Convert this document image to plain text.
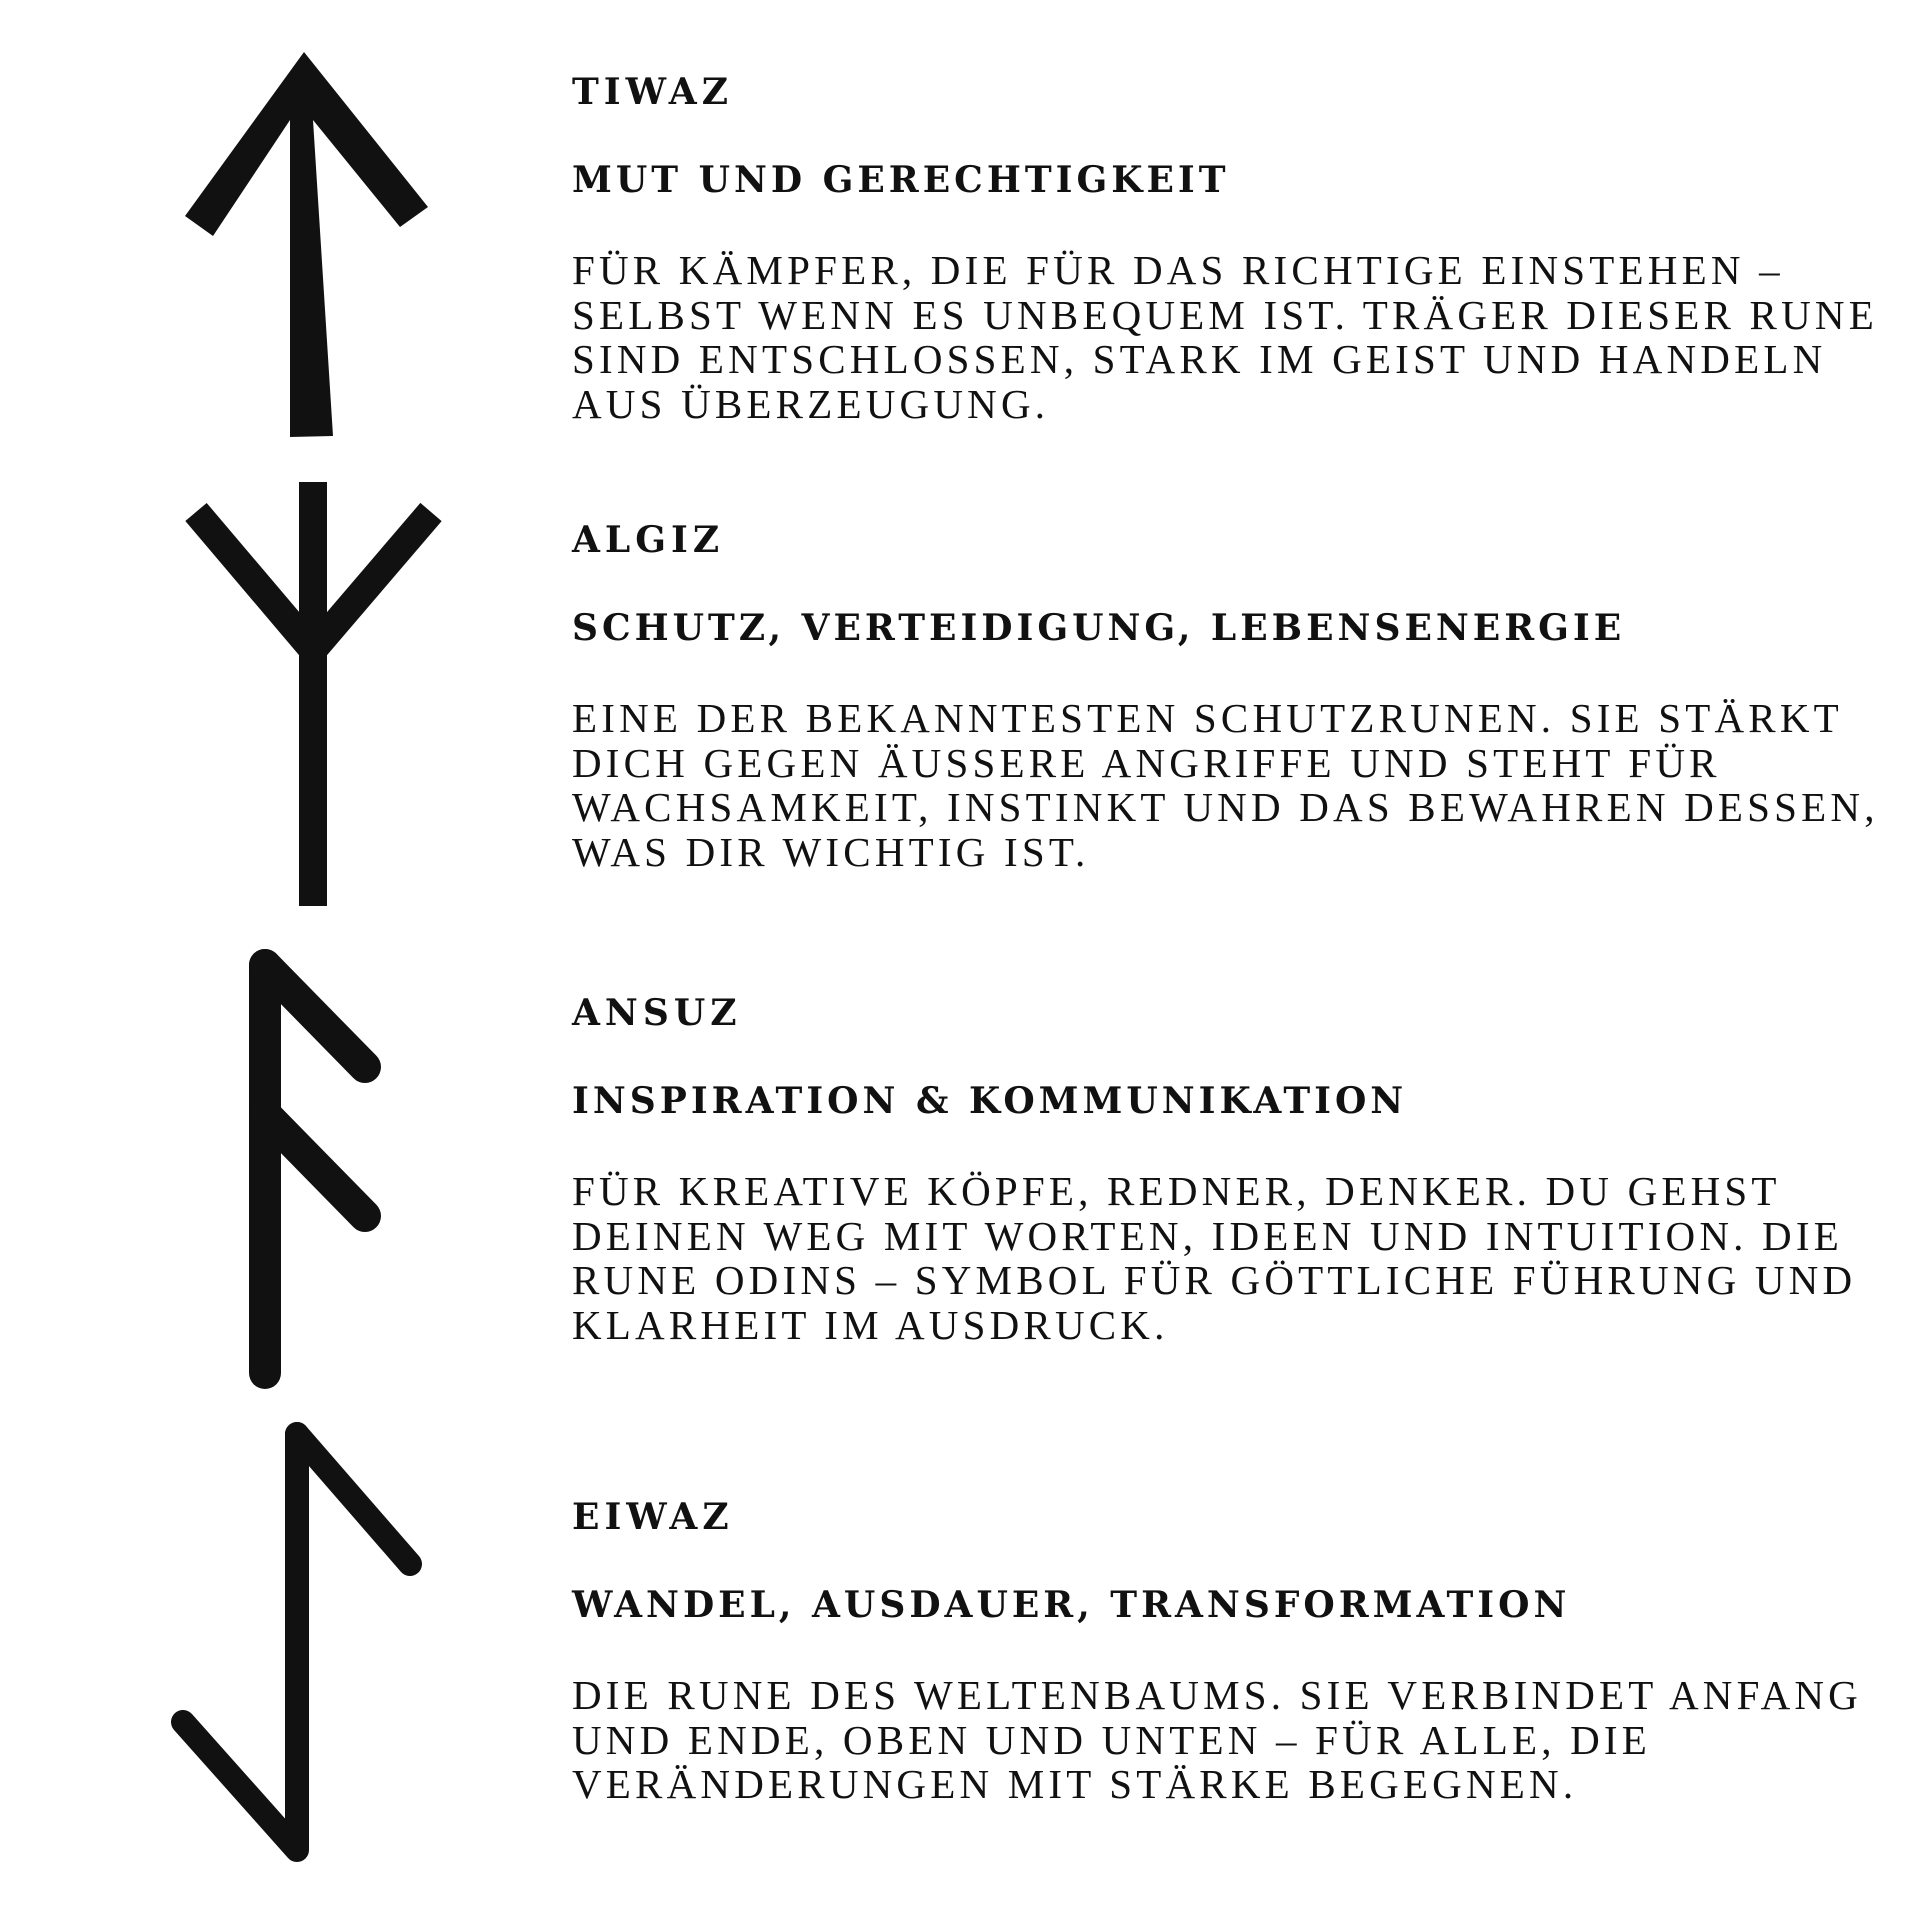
TIWAZ
MUT UND GERECHTIGKEIT

FÜR KÄMPFER, DIE FÜR DAS RICHTIGE EINSTEHEN –
SELBST WENN ES UNBEQUEM IST. TRÄGER DIESER RUNE
SIND ENTSCHLOSSEN, STARK IM GEIST UND HANDELN
AUS ÜBERZEUGUNG.

ALGIZ
SCHUTZ, VERTEIDIGUNG, LEBENSENERGIE

EINE DER BEKANNTESTEN SCHUTZRUNEN. SIE STÄRKT
DICH GEGEN ÄUSSERE ANGRIFFE UND STEHT FÜR
WACHSAMKEIT, INSTINKT UND DAS BEWAHREN DESSEN,
WAS DIR WICHTIG IST.

ANSUZ
INSPIRATION & KOMMUNIKATION

FÜR KREATIVE KÖPFE, REDNER, DENKER. DU GEHST
DEINEN WEG MIT WORTEN, IDEEN UND INTUITION. DIE
RUNE ODINS – SYMBOL FÜR GÖTTLICHE FÜHRUNG UND
KLARHEIT IM AUSDRUCK.

EIWAZ
WANDEL, AUSDAUER, TRANSFORMATION

DIE RUNE DES WELTENBAUMS. SIE VERBINDET ANFANG
UND ENDE, OBEN UND UNTEN – FÜR ALLE, DIE
VERÄNDERUNGEN MIT STÄRKE BEGEGNEN.
